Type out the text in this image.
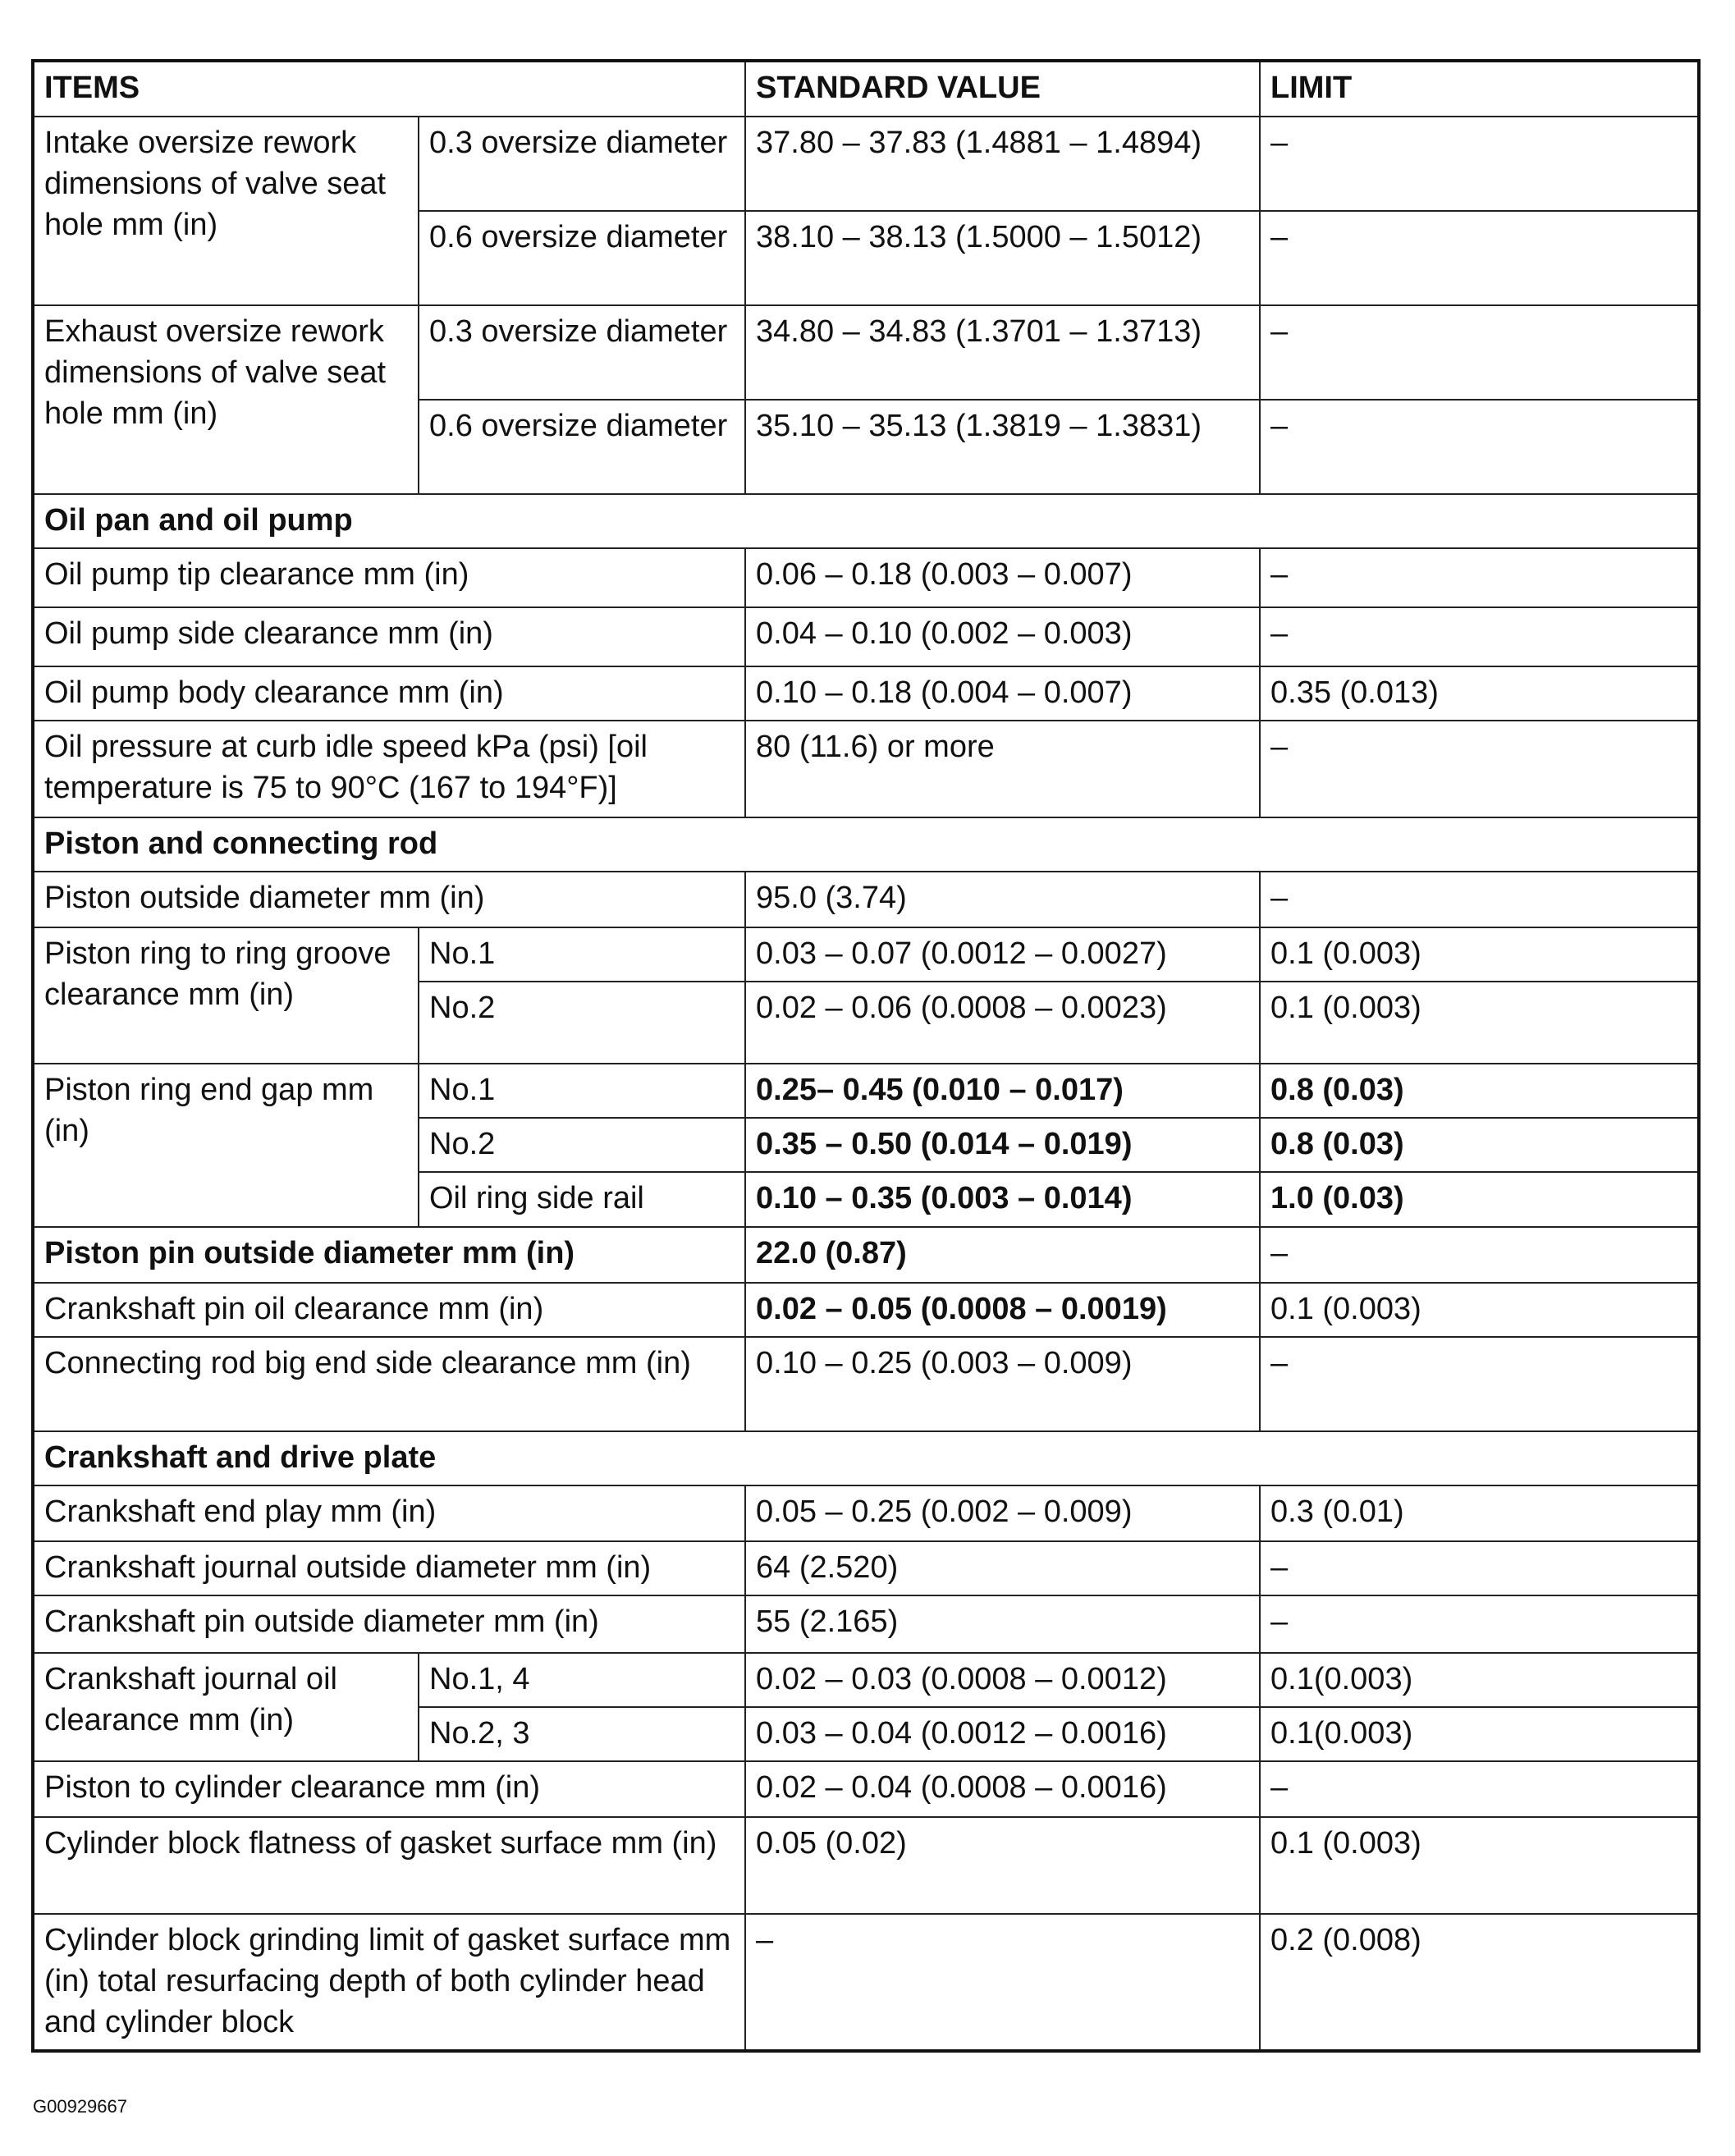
ITEMS		STANDARD VALUE	LIMIT
Intake oversize rework dimensions of valve seat hole mm (in)	0.3 oversize diameter	37.80 – 37.83 (1.4881 – 1.4894)	–
	0.6 oversize diameter	38.10 – 38.13 (1.5000 – 1.5012)	–
Exhaust oversize rework dimensions of valve seat hole mm (in)	0.3 oversize diameter	34.80 – 34.83 (1.3701 – 1.3713)	–
	0.6 oversize diameter	35.10 – 35.13 (1.3819 – 1.3831)	–
Oil pan and oil pump			
Oil pump tip clearance mm (in)		0.06 – 0.18 (0.003 – 0.007)	–
Oil pump side clearance mm (in)		0.04 – 0.10 (0.002 – 0.003)	–
Oil pump body clearance mm (in)		0.10 – 0.18 (0.004 – 0.007)	0.35 (0.013)
Oil pressure at curb idle speed kPa (psi) [oil temperature is 75 to 90°C (167 to 194°F)]		80 (11.6) or more	–
Piston and connecting rod			
Piston outside diameter mm (in)		95.0 (3.74)	–
Piston ring to ring groove clearance mm (in)	No.1	0.03 – 0.07 (0.0012 – 0.0027)	0.1 (0.003)
	No.2	0.02 – 0.06 (0.0008 – 0.0023)	0.1 (0.003)
Piston ring end gap mm (in)	No.1	0.25– 0.45 (0.010 – 0.017)	0.8 (0.03)
	No.2	0.35 – 0.50 (0.014 – 0.019)	0.8 (0.03)
	Oil ring side rail	0.10 – 0.35 (0.003 – 0.014)	1.0 (0.03)
Piston pin outside diameter mm (in)		22.0 (0.87)	–
Crankshaft pin oil clearance mm (in)		0.02 – 0.05 (0.0008 – 0.0019)	0.1 (0.003)
Connecting rod big end side clearance mm (in)		0.10 – 0.25 (0.003 – 0.009)	–
Crankshaft and drive plate			
Crankshaft end play mm (in)		0.05 – 0.25 (0.002 – 0.009)	0.3 (0.01)
Crankshaft journal outside diameter mm (in)		64 (2.520)	–
Crankshaft pin outside diameter mm (in)		55 (2.165)	–
Crankshaft journal oil clearance mm (in)	No.1, 4	0.02 – 0.03 (0.0008 – 0.0012)	0.1(0.003)
	No.2, 3	0.03 – 0.04 (0.0012 – 0.0016)	0.1(0.003)
Piston to cylinder clearance mm (in)		0.02 – 0.04 (0.0008 – 0.0016)	–
Cylinder block flatness of gasket surface mm (in)		0.05 (0.02)	0.1 (0.003)
Cylinder block grinding limit of gasket surface mm (in) total resurfacing depth of both cylinder head and cylinder block		–	0.2 (0.008)
G00929667
